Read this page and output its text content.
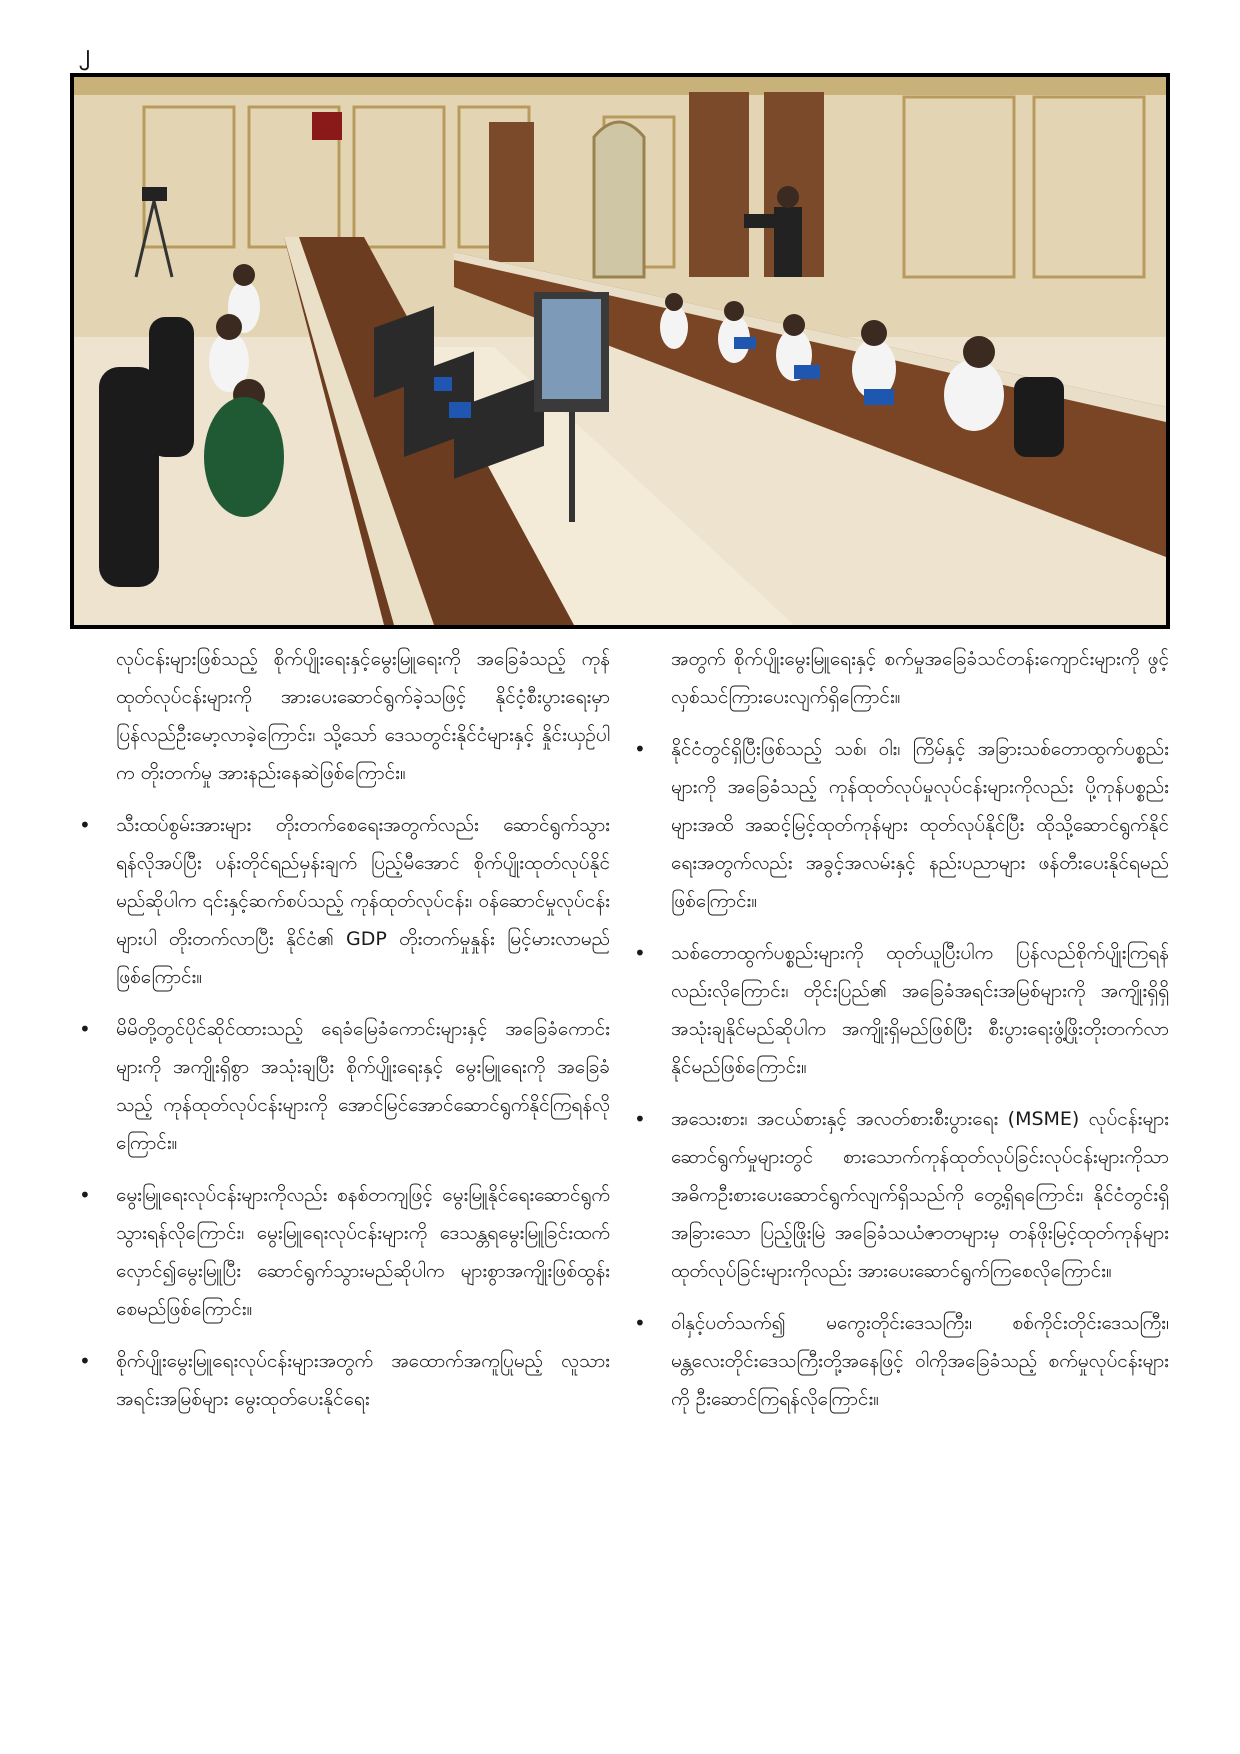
၂

လုပ်ငန်းများဖြစ်သည့် စိုက်ပျိုးရေးနှင့်မွေးမြူရေးကို အခြေခံသည့် ကုန်ထုတ်လုပ်ငန်းများကို အားပေးဆောင်ရွက်ခဲ့သဖြင့် နိုင်ငံ့စီးပွားရေးမှာ ပြန်လည်ဦးမော့လာခဲ့ကြောင်း၊ သို့သော် ဒေသတွင်းနိုင်ငံများနှင့် နှိုင်းယှဉ်ပါက တိုးတက်မှု အားနည်းနေဆဲဖြစ်ကြောင်း။

• သီးထပ်စွမ်းအားများ တိုးတက်စေရေးအတွက်လည်း ဆောင်ရွက်သွားရန်လိုအပ်ပြီး ပန်းတိုင်ရည်မှန်းချက် ပြည့်မီအောင် စိုက်ပျိုးထုတ်လုပ်နိုင်မည်ဆိုပါက ၎င်းနှင့်ဆက်စပ်သည့် ကုန်ထုတ်လုပ်ငန်း၊ ဝန်ဆောင်မှုလုပ်ငန်းများပါ တိုးတက်လာပြီး နိုင်ငံ၏ GDP တိုးတက်မှုနှုန်း မြင့်မားလာမည်ဖြစ်ကြောင်း။
• မိမိတို့တွင်ပိုင်ဆိုင်ထားသည့် ရေခံမြေခံကောင်းများနှင့် အခြေခံကောင်းများကို အကျိုးရှိစွာ အသုံးချပြီး စိုက်ပျိုးရေးနှင့် မွေးမြူရေးကို အခြေခံသည့် ကုန်ထုတ်လုပ်ငန်းများကို အောင်မြင်အောင်ဆောင်ရွက်နိုင်ကြရန်လိုကြောင်း။
• မွေးမြူရေးလုပ်ငန်းများကိုလည်း စနစ်တကျဖြင့် မွေးမြူနိုင်ရေးဆောင်ရွက်သွားရန်လိုကြောင်း၊ မွေးမြူရေးလုပ်ငန်းများကို ဒေသန္တရမွေးမြူခြင်းထက် လှောင်၍မွေးမြူပြီး ဆောင်ရွက်သွားမည်ဆိုပါက များစွာအကျိုးဖြစ်ထွန်းစေမည်ဖြစ်ကြောင်း။
• စိုက်ပျိုးမွေးမြူရေးလုပ်ငန်းများအတွက် အထောက်အကူပြုမည့် လူသားအရင်းအမြစ်များ မွေးထုတ်ပေးနိုင်ရေး

အတွက် စိုက်ပျိုးမွေးမြူရေးနှင့် စက်မှုအခြေခံသင်တန်းကျောင်းများကို ဖွင့်လှစ်သင်ကြားပေးလျက်ရှိကြောင်း။

• နိုင်ငံတွင်ရှိပြီးဖြစ်သည့် သစ်၊ ဝါး၊ ကြိမ်နှင့် အခြားသစ်တောထွက်ပစ္စည်းများကို အခြေခံသည့် ကုန်ထုတ်လုပ်မှုလုပ်ငန်းများကိုလည်း ပို့ကုန်ပစ္စည်းများအထိ အဆင့်မြင့်ထုတ်ကုန်များ ထုတ်လုပ်နိုင်ပြီး ထိုသို့ဆောင်ရွက်နိုင်ရေးအတွက်လည်း အခွင့်အလမ်းနှင့် နည်းပညာများ ဖန်တီးပေးနိုင်ရမည်ဖြစ်ကြောင်း။
• သစ်တောထွက်ပစ္စည်းများကို ထုတ်ယူပြီးပါက ပြန်လည်စိုက်ပျိုးကြရန်လည်းလိုကြောင်း၊ တိုင်းပြည်၏ အခြေခံအရင်းအမြစ်များကို အကျိုးရှိရှိ အသုံးချနိုင်မည်ဆိုပါက အကျိုးရှိမည်ဖြစ်ပြီး စီးပွားရေးဖွံ့ဖြိုးတိုးတက်လာနိုင်မည်ဖြစ်ကြောင်း။
• အသေးစား၊ အငယ်စားနှင့် အလတ်စားစီးပွားရေး (MSME) လုပ်ငန်းများဆောင်ရွက်မှုများတွင် စားသောက်ကုန်ထုတ်လုပ်ခြင်းလုပ်ငန်းများကိုသာ အဓိကဦးစားပေးဆောင်ရွက်လျက်ရှိသည်ကို တွေ့ရှိရကြောင်း၊ နိုင်ငံတွင်းရှိ အခြားသော ပြည့်ဖြိုးမြဲ အခြေခံသယံဇာတများမှ တန်ဖိုးမြင့်ထုတ်ကုန်များ ထုတ်လုပ်ခြင်းများကိုလည်း အားပေးဆောင်ရွက်ကြစေလိုကြောင်း။
• ဝါနှင့်ပတ်သက်၍ မကွေးတိုင်းဒေသကြီး၊ စစ်ကိုင်းတိုင်းဒေသကြီး၊ မန္တလေးတိုင်းဒေသကြီးတို့အနေဖြင့် ဝါကိုအခြေခံသည့် စက်မှုလုပ်ငန်းများကို ဦးဆောင်ကြရန်လိုကြောင်း။
